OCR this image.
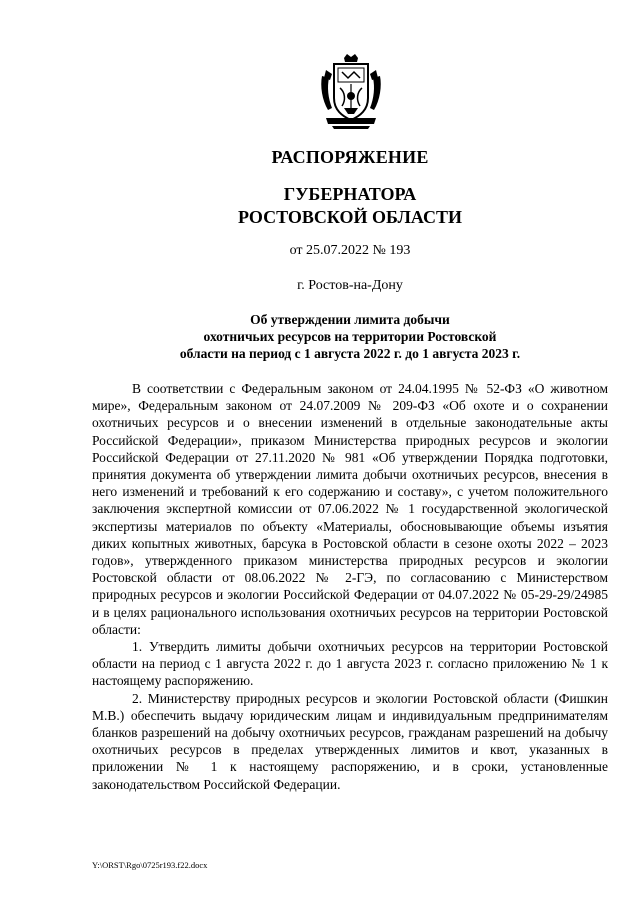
РАСПОРЯЖЕНИЕ
ГУБЕРНАТОРА
РОСТОВСКОЙ ОБЛАСТИ
от 25.07.2022 № 193
г. Ростов-на-Дону
Об утверждении лимита добычи
охотничьих ресурсов на территории Ростовской
области на период с 1 августа 2022 г. до 1 августа 2023 г.

В соответствии с Федеральным законом от 24.04.1995 № 52-ФЗ «О животном мире», Федеральным законом от 24.07.2009 № 209-ФЗ «Об охоте и о сохранении охотничьих ресурсов и о внесении изменений в отдельные законодательные акты Российской Федерации», приказом Министерства природных ресурсов и экологии Российской Федерации от 27.11.2020 № 981 «Об утверждении Порядка подготовки, принятия документа об утверждении лимита добычи охотничьих ресурсов, внесения в него изменений и требований к его содержанию и составу», с учетом положительного заключения экспертной комиссии от 07.06.2022 № 1 государственной экологической экспертизы материалов по объекту «Материалы, обосновывающие объемы изъятия диких копытных животных, барсука в Ростовской области в сезоне охоты 2022 – 2023 годов», утвержденного приказом министерства природных ресурсов и экологии Ростовской области от 08.06.2022 № 2-ГЭ, по согласованию с Министерством природных ресурсов и экологии Российской Федерации от 04.07.2022 № 05-29-29/24985 и в целях рационального использования охотничьих ресурсов на территории Ростовской области:

1. Утвердить лимиты добычи охотничьих ресурсов на территории Ростовской области на период с 1 августа 2022 г. до 1 августа 2023 г. согласно приложению № 1 к настоящему распоряжению.

2. Министерству природных ресурсов и экологии Ростовской области (Фишкин М.В.) обеспечить выдачу юридическим лицам и индивидуальным предпринимателям бланков разрешений на добычу охотничьих ресурсов, гражданам разрешений на добычу охотничьих ресурсов в пределах утвержденных лимитов и квот, указанных в приложении № 1 к настоящему распоряжению, и в сроки, установленные законодательством Российской Федерации.

Y:\ORST\Rgo\0725r193.f22.docx
